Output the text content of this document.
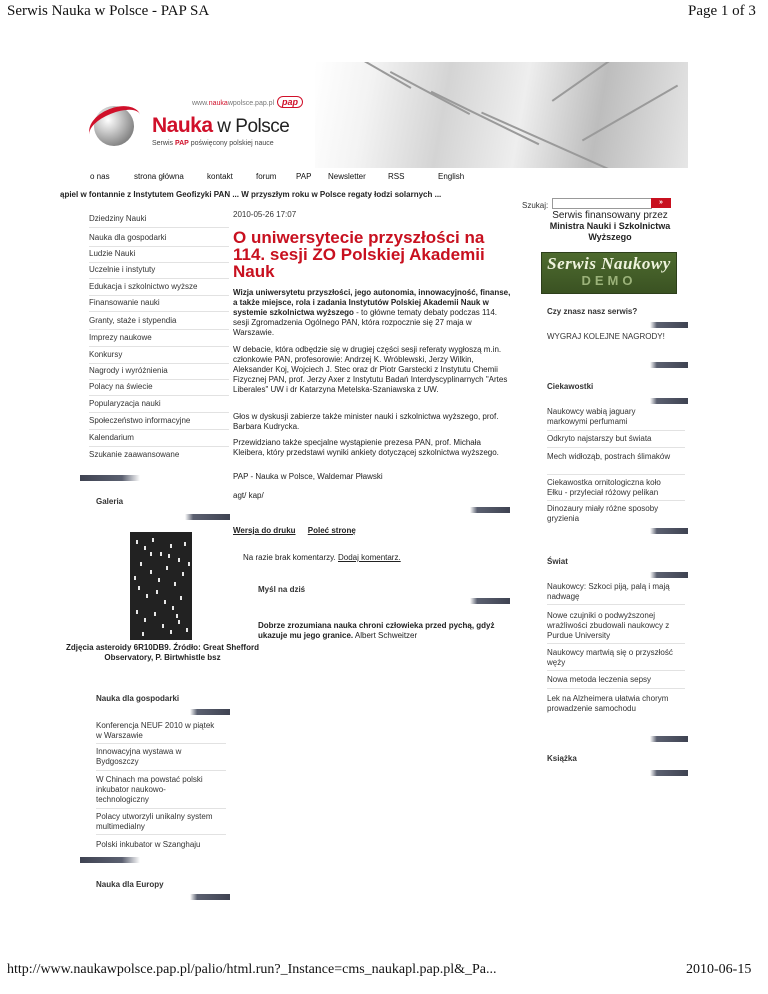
Serwis Nauka w Polsce - PAP SA	Page 1 of 3
www.naukawpolsce.pap.pl pap
Nauka w Polsce
Serwis PAP poświęcony polskiej nauce
o nas	strona główna	kontakt	forum PAP Newsletter	RSS	English
ąpiel w fontannie z Instytutem Geofizyki PAN ... W przyszłym roku w Polsce regaty łodzi solarnych ...
Szukaj:	»
Dziedziny Nauki
Nauka dla gospodarki
Ludzie Nauki
Uczelnie i instytuty
Edukacja i szkolnictwo wyższe
Finansowanie nauki
Granty, staże i stypendia
Imprezy naukowe
Konkursy
Nagrody i wyróżnienia
Polacy na świecie
Popularyzacja nauki
Społeczeństwo informacyjne
Kalendarium
Szukanie zaawansowane
Galeria
Zdjęcia asteroidy 6R10DB9. Źródło: Great Shefford Observatory, P. Birtwhistle bsz
Nauka dla gospodarki
Konferencja NEUF 2010 w piątek w Warszawie
Innowacyjna wystawa w Bydgoszczy
W Chinach ma powstać polski inkubator naukowo-technologiczny
Polacy utworzyli unikalny system multimedialny
Polski inkubator w Szanghaju
Nauka dla Europy
2010-05-26 17:07
O uniwersytecie przyszłości na 114. sesji ZO Polskiej Akademii Nauk
Wizja uniwersytetu przyszłości, jego autonomia, innowacyjność, finanse, a także miejsce, rola i zadania Instytutów Polskiej Akademii Nauk w systemie szkolnictwa wyższego - to główne tematy debaty podczas 114. sesji Zgromadzenia Ogólnego PAN, która rozpocznie się 27 maja w Warszawie.
W debacie, która odbędzie się w drugiej części sesji referaty wygłoszą m.in. członkowie PAN, profesorowie: Andrzej K. Wróblewski, Jerzy Wilkin, Aleksander Koj, Wojciech J. Stec oraz dr Piotr Garstecki z Instytutu Chemii Fizycznej PAN, prof. Jerzy Axer z Instytutu Badań Interdyscyplinarnych "Artes Liberales" UW i dr Katarzyna Metelska-Szaniawska z UW.
Głos w dyskusji zabierze także minister nauki i szkolnictwa wyższego, prof. Barbara Kudrycka.
Przewidziano także specjalne wystąpienie prezesa PAN, prof. Michała Kleibera, który przedstawi wyniki ankiety dotyczącej szkolnictwa wyższego.
PAP - Nauka w Polsce, Waldemar Pławski
agt/ kap/
Wersja do druku Poleć stronę
Na razie brak komentarzy. Dodaj komentarz.
Myśl na dziś
Dobrze zrozumiana nauka chroni człowieka przed pychą, gdyż ukazuje mu jego granice. Albert Schweitzer
Serwis finansowany przez
Ministra Nauki i Szkolnictwa Wyższego
Serwis Naukowy
DEMO
Czy znasz nasz serwis?
WYGRAJ KOLEJNE NAGRODY!
Ciekawostki
Naukowcy wabią jaguary markowymi perfumami
Odkryto najstarszy but świata
Mech widłoząb, postrach ślimaków
Ciekawostka ornitologiczna koło Ełku - przyleciał różowy pelikan
Dinozaury miały różne sposoby gryzienia
Świat
Naukowcy: Szkoci piją, palą i mają nadwagę
Nowe czujniki o podwyższonej wrażliwości zbudowali naukowcy z Purdue University
Naukowcy martwią się o przyszłość węży
Nowa metoda leczenia sepsy
Lek na Alzheimera ułatwia chorym prowadzenie samochodu
Książka
http://www.naukawpolsce.pap.pl/palio/html.run?_Instance=cms_naukapl.pap.pl&_Pa...	2010-06-15
